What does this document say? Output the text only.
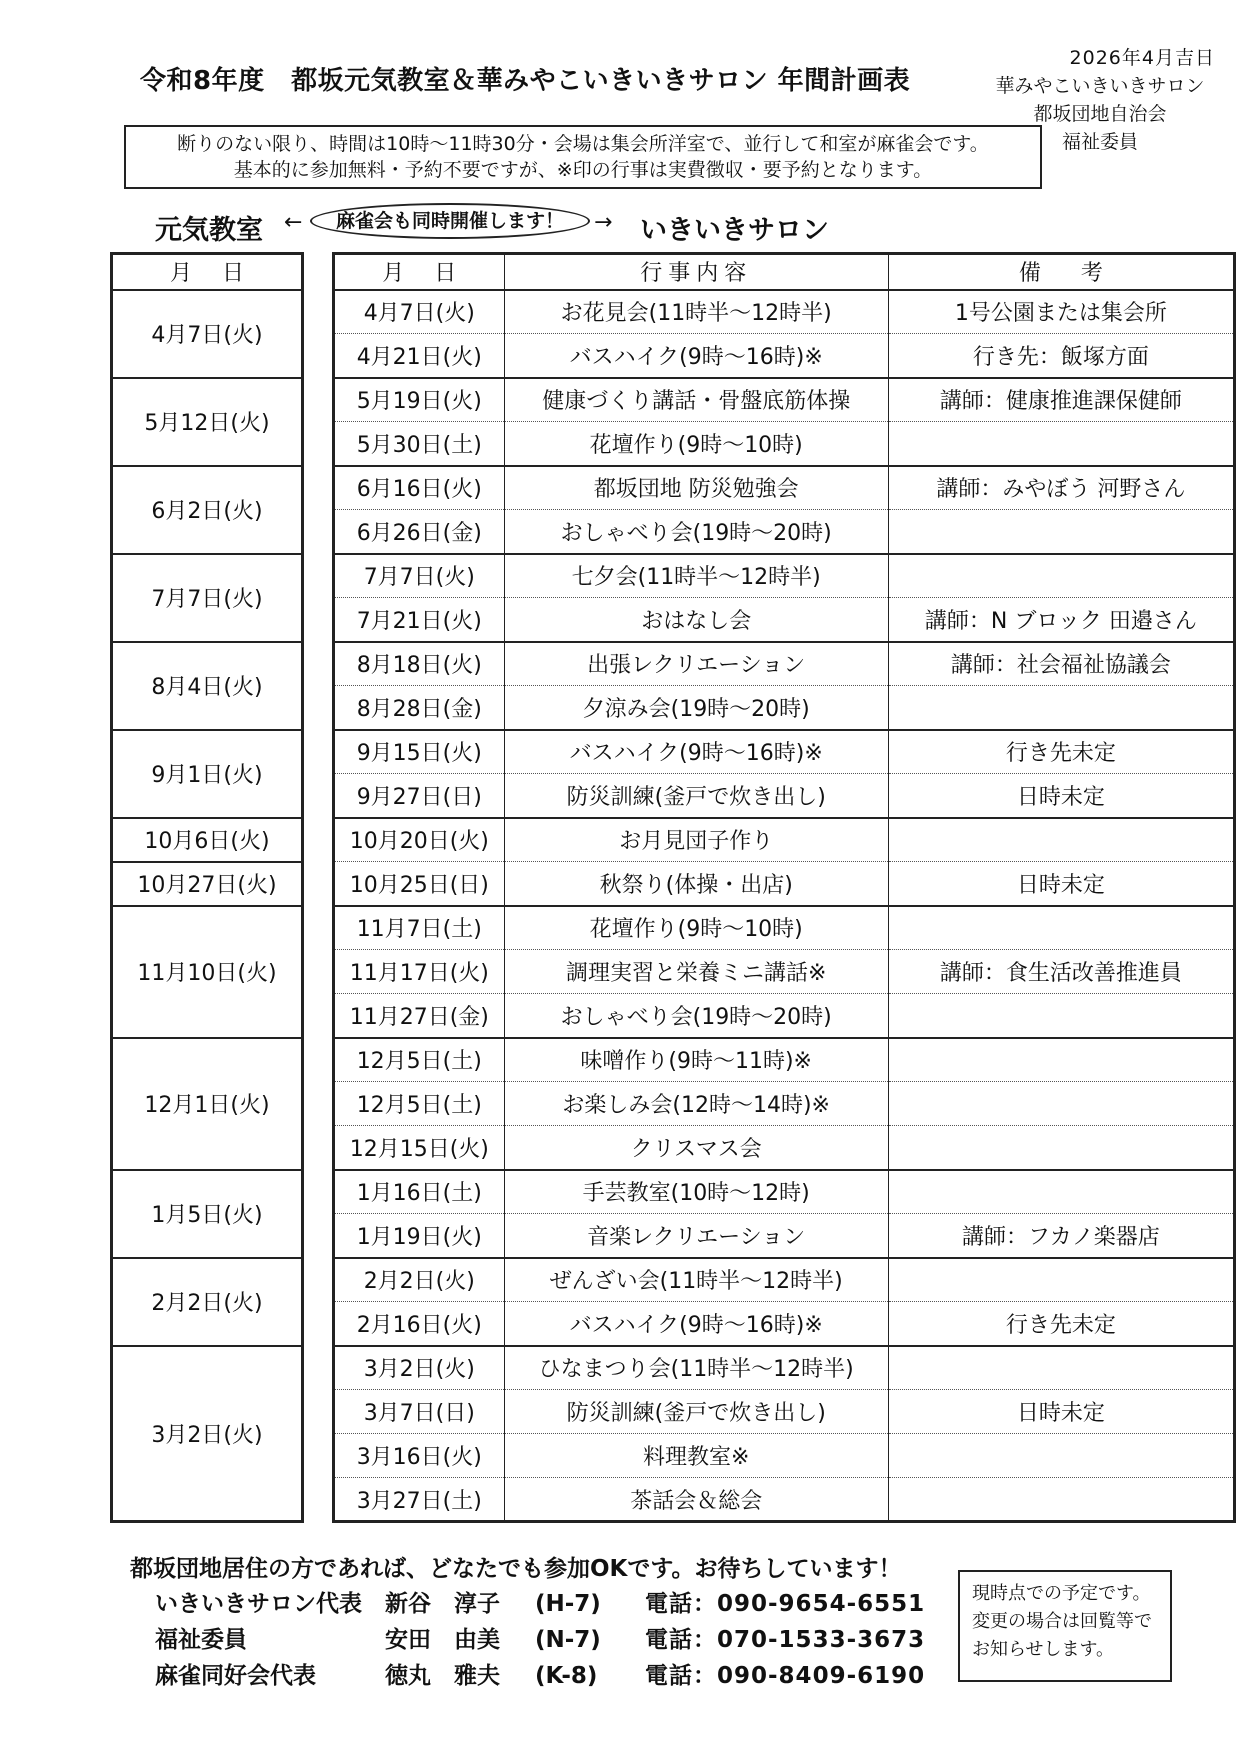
令和8年度　都坂元気教室＆華みやこいきいきサロン 年間計画表
2026年4月吉日
華みやこいきいきサロン
都坂団地自治会
福祉委員
断りのない限り、時間は10時～11時30分・会場は集会所洋室で、並行して和室が麻雀会です。
基本的に参加無料・予約不要ですが、※印の行事は実費徴収・要予約となります。
元気教室 ←	麻雀会も同時開催します！	→ いきいきサロン
月日
4月7日(火)
5月12日(火)
6月2日(火)
7月7日(火)
8月4日(火)
9月1日(火)
10月6日(火)
10月27日(火)
11月10日(火)
12月1日(火)
1月5日(火)
2月2日(火)
3月2日(火)
月日	行事内容	備考
4月7日(火)	お花見会(11時半～12時半)	1号公園または集会所
4月21日(火)	バスハイク(9時～16時)※	行き先：飯塚方面
5月19日(火)	健康づくり講話・骨盤底筋体操	講師：健康推進課保健師
5月30日(土)	花壇作り(9時～10時)	
6月16日(火)	都坂団地 防災勉強会	講師：みやぼう 河野さん
6月26日(金)	おしゃべり会(19時～20時)	
7月7日(火)	七夕会(11時半～12時半)	
7月21日(火)	おはなし会	講師：N ブロック 田邉さん
8月18日(火)	出張レクリエーション	講師：社会福祉協議会
8月28日(金)	夕涼み会(19時～20時)	
9月15日(火)	バスハイク(9時～16時)※	行き先未定
9月27日(日)	防災訓練(釜戸で炊き出し)	日時未定
10月20日(火)	お月見団子作り	
10月25日(日)	秋祭り(体操・出店)	日時未定
11月7日(土)	花壇作り(9時～10時)	
11月17日(火)	調理実習と栄養ミニ講話※	講師：食生活改善推進員
11月27日(金)	おしゃべり会(19時～20時)	
12月5日(土)	味噌作り(9時～11時)※	
12月5日(土)	お楽しみ会(12時～14時)※	
12月15日(火)	クリスマス会	
1月16日(土)	手芸教室(10時～12時)	
1月19日(火)	音楽レクリエーション	講師：フカノ楽器店
2月2日(火)	ぜんざい会(11時半～12時半)	
2月16日(火)	バスハイク(9時～16時)※	行き先未定
3月2日(火)	ひなまつり会(11時半～12時半)	
3月7日(日)	防災訓練(釜戸で炊き出し)	日時未定
3月16日(火)	料理教室※	
3月27日(土)	茶話会＆総会	
都坂団地居住の方であれば、どなたでも参加OKです。お待ちしています！
いきいきサロン代表	新谷　淳子	(H-7)	電話：090-9654-6551
福祉委員	安田　由美	(N-7)	電話：070-1533-3673
麻雀同好会代表	徳丸　雅夫	(K-8)	電話：090-8409-6190
現時点での予定です。
変更の場合は回覧等で
お知らせします。
